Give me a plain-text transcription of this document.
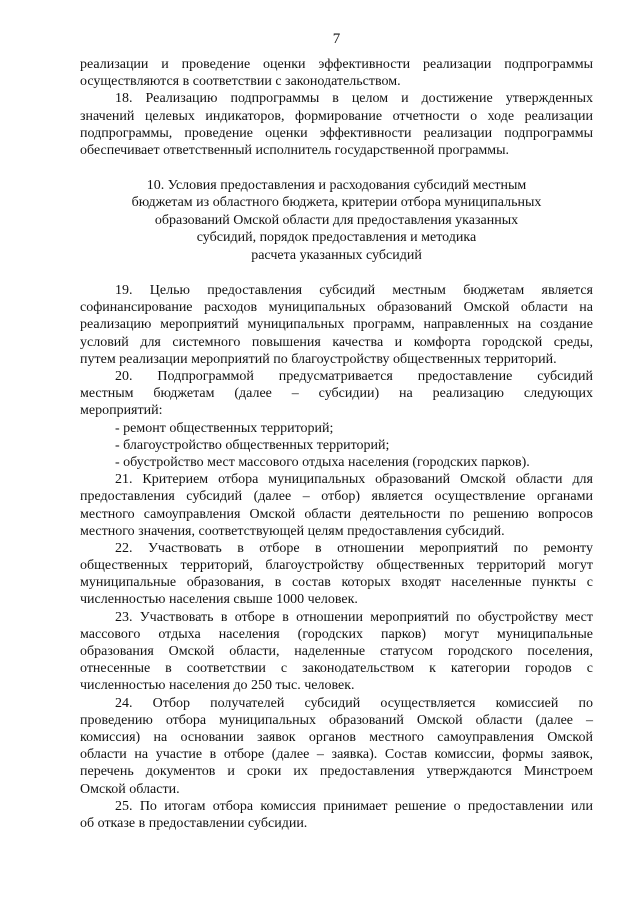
7
реализации и проведение оценки эффективности реализации подпрограммы
осуществляются в соответствии с законодательством.
18. Реализацию подпрограммы в целом и достижение утвержденных
значений целевых индикаторов, формирование отчетности о ходе реализации
подпрограммы, проведение оценки эффективности реализации подпрограммы
обеспечивает ответственный исполнитель государственной программы.
10. Условия предоставления и расходования субсидий местным
бюджетам из областного бюджета, критерии отбора муниципальных
образований Омской области для предоставления указанных
субсидий, порядок предоставления и методика
расчета указанных субсидий
19. Целью предоставления субсидий местным бюджетам является
софинансирование расходов муниципальных образований Омской области на
реализацию мероприятий муниципальных программ, направленных на создание
условий для системного повышения качества и комфорта городской среды,
путем реализации мероприятий по благоустройству общественных территорий.
20. Подпрограммой предусматривается предоставление субсидий
местным бюджетам (далее – субсидии) на реализацию следующих
мероприятий:
- ремонт общественных территорий;
- благоустройство общественных территорий;
- обустройство мест массового отдыха населения (городских парков).
21. Критерием отбора муниципальных образований Омской области для
предоставления субсидий (далее – отбор) является осуществление органами
местного самоуправления Омской области деятельности по решению вопросов
местного значения, соответствующей целям предоставления субсидий.
22. Участвовать в отборе в отношении мероприятий по ремонту
общественных территорий, благоустройству общественных территорий могут
муниципальные образования, в состав которых входят населенные пункты с
численностью населения свыше 1000 человек.
23. Участвовать в отборе в отношении мероприятий по обустройству мест
массового отдыха населения (городских парков) могут муниципальные
образования Омской области, наделенные статусом городского поселения,
отнесенные в соответствии с законодательством к категории городов с
численностью населения до 250 тыс. человек.
24. Отбор получателей субсидий осуществляется комиссией по
проведению отбора муниципальных образований Омской области (далее –
комиссия) на основании заявок органов местного самоуправления Омской
области на участие в отборе (далее – заявка). Состав комиссии, формы заявок,
перечень документов и сроки их предоставления утверждаются Минстроем
Омской области.
25. По итогам отбора комиссия принимает решение о предоставлении или
об отказе в предоставлении субсидии.
